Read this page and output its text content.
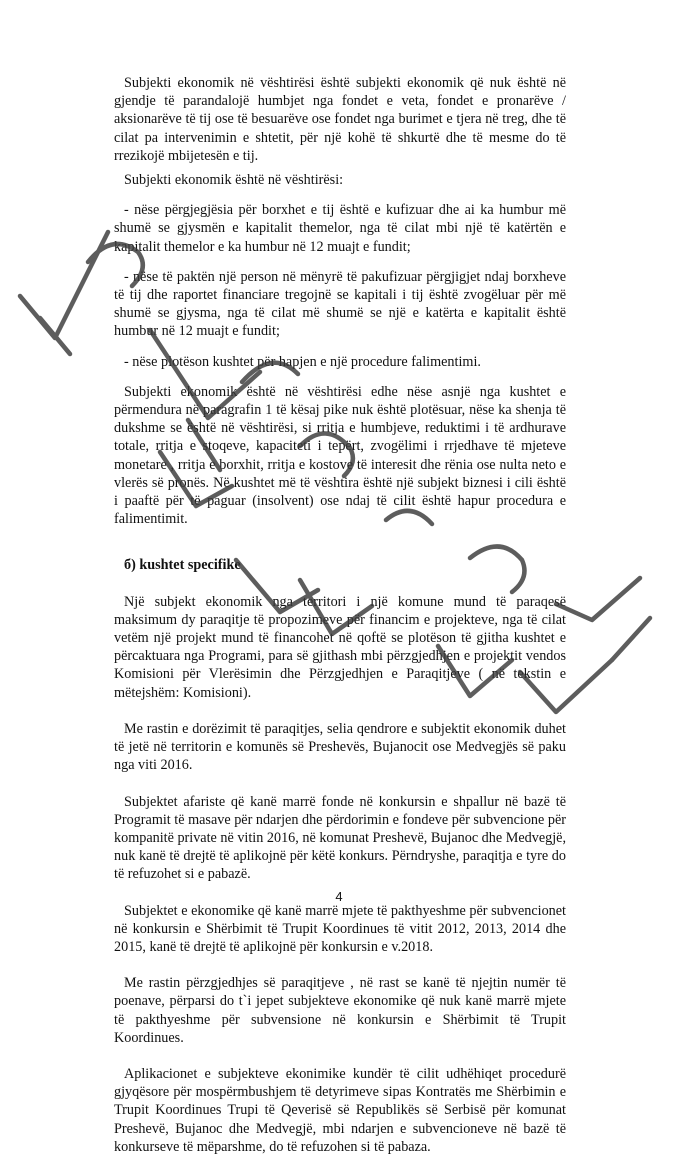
Subjekti ekonomik në vështirësi është subjekti ekonomik që nuk është në gjendje të parandalojë humbjet nga fondet e veta, fondet e pronarëve / aksionarëve të tij ose të besuarëve ose fondet nga burimet e tjera në treg, dhe të cilat pa intervenimin e shtetit, për një kohë të shkurtë dhe të mesme do të rrezikojë mbijetesën e tij.

Subjekti ekonomik është në vështirësi:

- nëse përgjegjësia për borxhet e tij është e kufizuar dhe ai ka humbur më shumë se gjysmën e kapitalit themelor, nga të cilat mbi një të katërtën e kapitalit themelor e ka humbur në 12 muajt e fundit;

- nëse të paktën një person në mënyrë të pakufizuar përgjigjet ndaj borxheve të tij dhe raportet financiare tregojnë se kapitali i tij është zvogëluar për më shumë se gjysma, nga të cilat më shumë se një e katërta e kapitalit është humbur në 12 muajt e fundit;

- nëse plotëson kushtet për hapjen e një procedure falimentimi.

Subjekti ekonomik është në vështirësi edhe nëse asnjë nga kushtet e përmendura në paragrafin 1 të kësaj pike nuk është plotësuar, nëse ka shenja të dukshme se është në vështirësi, si rritja e humbjeve, reduktimi i të ardhurave totale, rritja e stoqeve, kapaciteti i tepërt, zvogëlimi i rrjedhave të mjeteve monetare , rritja e borxhit, rritja e kostove të interesit dhe rënia ose nulta neto e vlerës së pronës. Në kushtet më të vështira është një subjekt biznesi i cili është i paaftë për të paguar (insolvent) ose ndaj të cilit është hapur procedura e falimentimit.

б) kushtet specifike

Një subjekt ekonomik nga territori i një komune mund të paraqesë maksimum dy paraqitje të propozimeve për financim e projekteve, nga të cilat vetëm një projekt mund të financohet në qoftë se plotëson të gjitha kushtet e përcaktuara nga Programi, para së gjithash mbi përzgjedhjen e projektit vendos Komisioni për Vlerësimin dhe Përzgjedhjen e Paraqitjeve ( në tekstin e mëtejshëm: Komisioni).

Me rastin e dorëzimit të paraqitjes, selia qendrore e subjektit ekonomik duhet të jetë në territorin e komunës së Preshevës, Bujanocit ose Medvegjës së paku nga viti 2016.

Subjektet afariste që kanë marrë fonde në konkursin e shpallur në bazë të Programit të masave për ndarjen dhe përdorimin e fondeve për subvencione për kompanitë private në vitin 2016, në komunat Preshevë, Bujanoc dhe Medvegjë, nuk kanë të drejtë të aplikojnë për këtë konkurs. Përndryshe, paraqitja e tyre do të refuzohet si e pabazë.

Subjektet e ekonomike që kanë marrë mjete të pakthyeshme për subvencionet në konkursin e Shërbimit të Trupit Koordinues të vitit 2012, 2013, 2014 dhe 2015, kanë të drejtë të aplikojnë për konkursin e v.2018.

Me rastin përzgjedhjes së paraqitjeve , në rast se kanë të njejtin numër të poenave, përparsi do t`i jepet subjekteve ekonomike që nuk kanë marrë mjete të pakthyeshme për subvensione në konkursin e Shërbimit të Trupit Koordinues.

Aplikacionet e subjekteve ekonimike kundër të cilit udhëhiqet procedurë gjyqësore për mospërmbushjem të detyrimeve sipas Kontratës me Shërbimin e Trupit Koordinues Trupi të Qeverisë së Republikës së Serbisë për komunat Preshevë, Bujanoc dhe Medvegjë, mbi ndarjen e subvencioneve në bazë të konkurseve të mëparshme, do të refuzohen si të pabaza.

4
